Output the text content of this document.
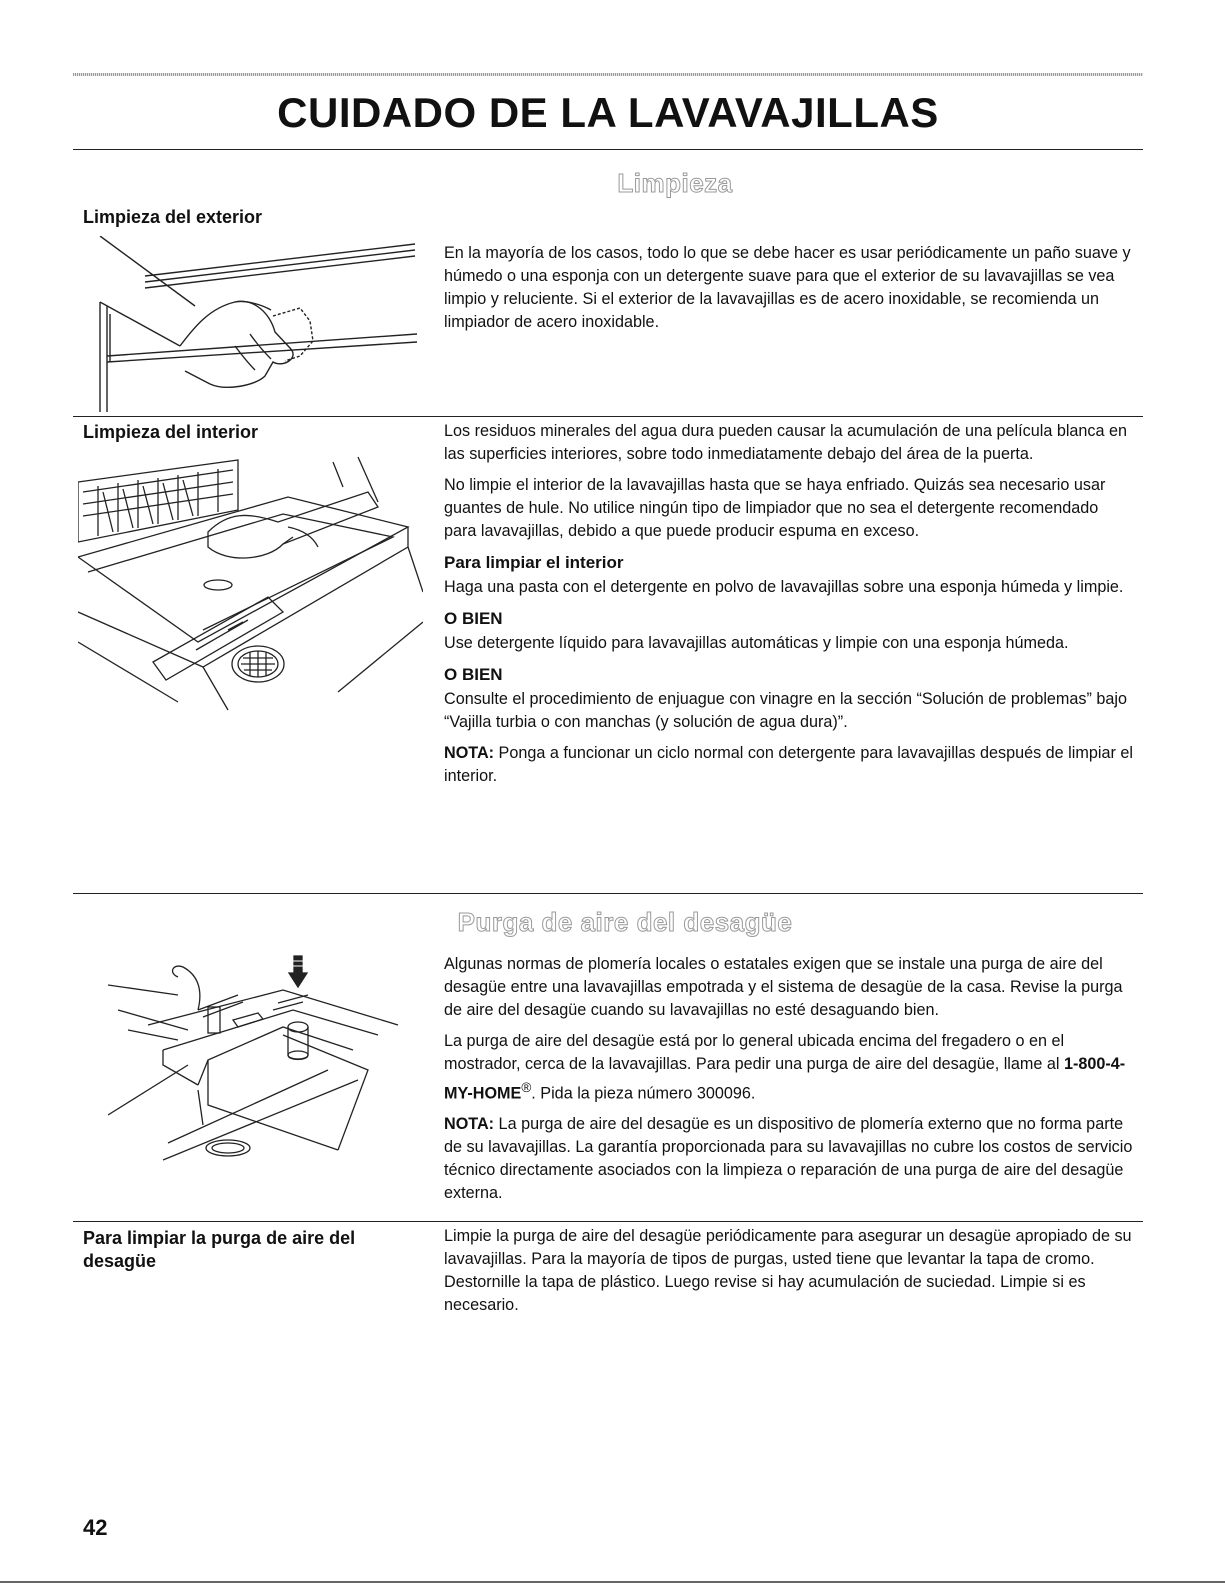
CUIDADO DE LA LAVAVAJILLAS
Limpieza
Limpieza del exterior

En la mayoría de los casos, todo lo que se debe hacer es usar periódicamente un paño suave y húmedo o una esponja con un detergente suave para que el exterior de su lavavajillas se vea limpio y reluciente. Si el exterior de la lavavajillas es de acero inoxidable, se recomienda un limpiador de acero inoxidable.

Limpieza del interior	Los residuos minerales del agua dura pueden causar la acumulación de una película blanca en las superficies interiores, sobre todo inmediatamente debajo del área de la puerta.

No limpie el interior de la lavavajillas hasta que se haya enfriado. Quizás sea necesario usar guantes de hule. No utilice ningún tipo de limpiador que no sea el detergente recomendado para lavavajillas, debido a que puede producir espuma en exceso.

Para limpiar el interior

Haga una pasta con el detergente en polvo de lavavajillas sobre una esponja húmeda y limpie.

O BIEN

Use detergente líquido para lavavajillas automáticas y limpie con una esponja húmeda.

O BIEN

Consulte el procedimiento de enjuague con vinagre en la sección “Solución de problemas” bajo “Vajilla turbia o con manchas (y solución de agua dura)”.

NOTA: Ponga a funcionar un ciclo normal con detergente para lavavajillas después de limpiar el interior.

Purga de aire del desagüe

Algunas normas de plomería locales o estatales exigen que se instale una purga de aire del desagüe entre una lavavajillas empotrada y el sistema de desagüe de la casa. Revise la purga de aire del desagüe cuando su lavavajillas no esté desaguando bien.

La purga de aire del desagüe está por lo general ubicada encima del fregadero o en el mostrador, cerca de la lavavajillas. Para pedir una purga de aire del desagüe, llame al 1-800-4-MY-HOME®. Pida la pieza número 300096.

NOTA: La purga de aire del desagüe es un dispositivo de plomería externo que no forma parte de su lavavajillas. La garantía proporcionada para su lavavajillas no cubre los costos de servicio técnico directamente asociados con la limpieza o reparación de una purga de aire del desagüe externa.

Para limpiar la purga de aire del desagüe

Limpie la purga de aire del desagüe periódicamente para asegurar un desagüe apropiado de su lavavajillas. Para la mayoría de tipos de purgas, usted tiene que levantar la tapa de cromo. Destornille la tapa de plástico. Luego revise si hay acumulación de suciedad. Limpie si es necesario.

42
